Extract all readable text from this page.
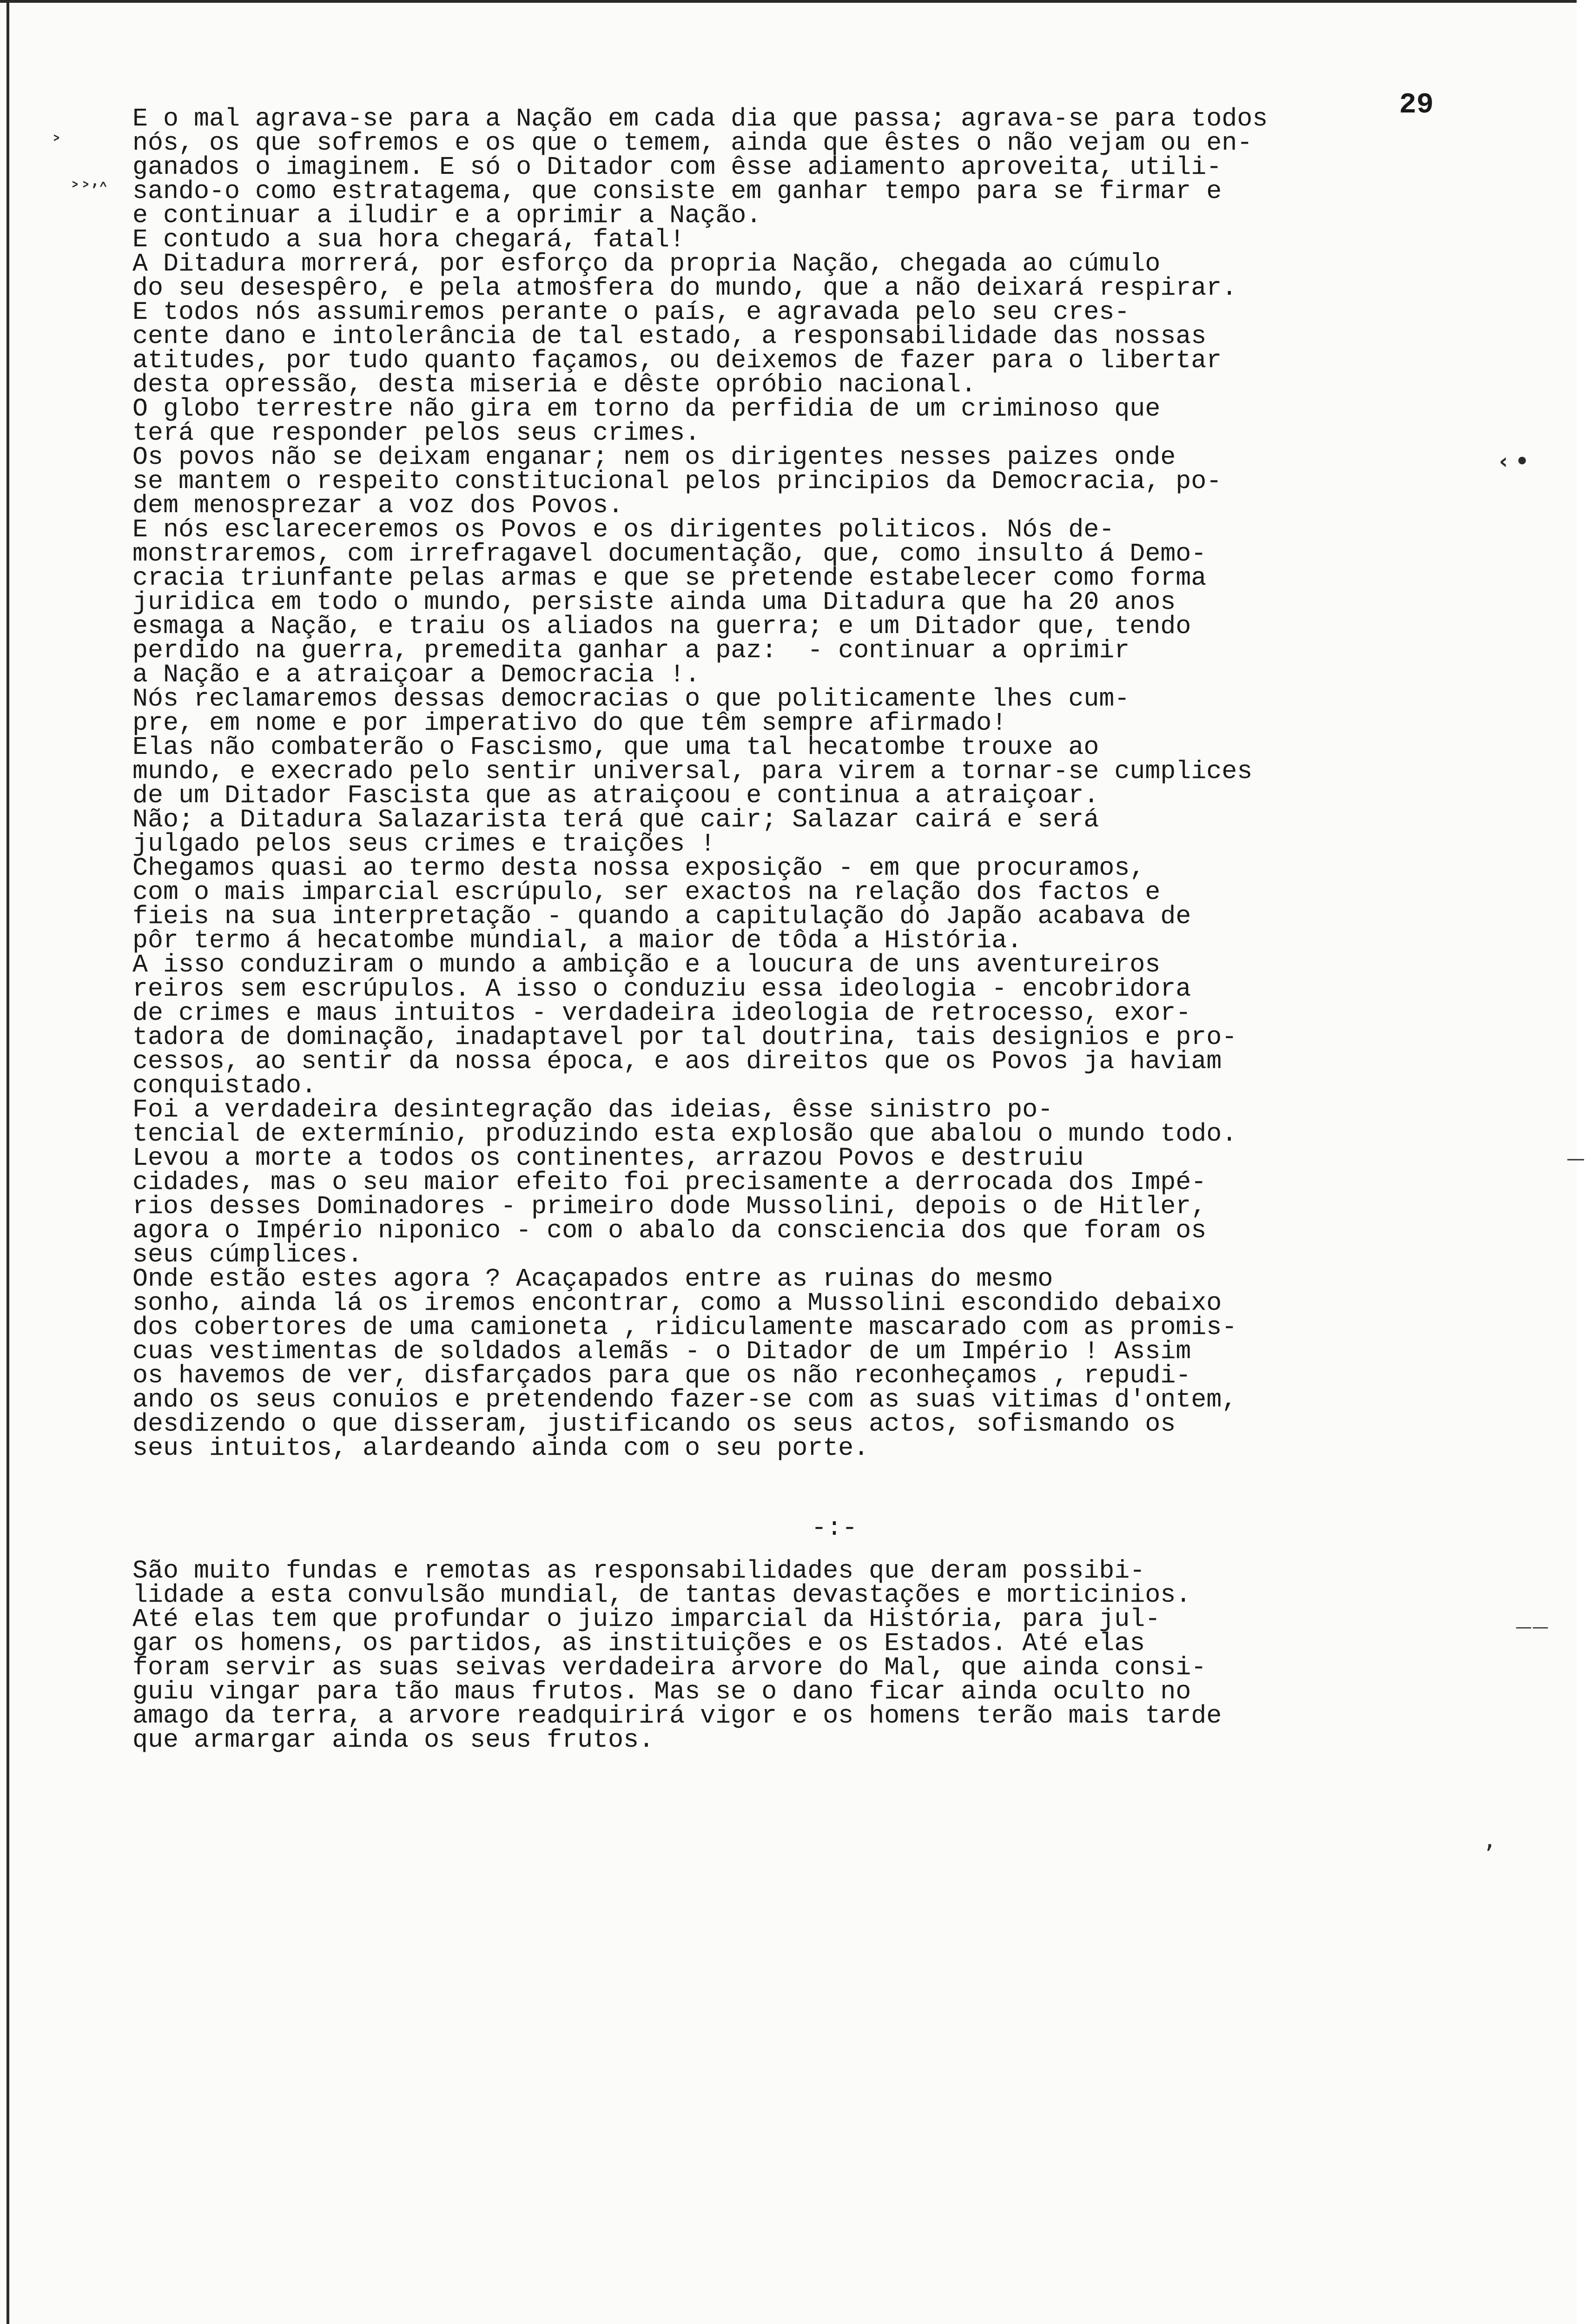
29
˃
˃˃’˄
‹ •
——
,
—
E o mal agrava-se para a Nação em cada dia que passa; agrava-se para todos
nós, os que sofremos e os que o temem, ainda que êstes o não vejam ou en-
ganados o imaginem. E só o Ditador com êsse adiamento aproveita, utili-
sando-o como estratagema, que consiste em ganhar tempo para se firmar e
e continuar a iludir e a oprimir a Nação.
E contudo a sua hora chegará, fatal!
A Ditadura morrerá, por esforço da propria Nação, chegada ao cúmulo
do seu desespêro, e pela atmosfera do mundo, que a não deixará respirar.
E todos nós assumiremos perante o país, e agravada pelo seu cres-
cente dano e intolerância de tal estado, a responsabilidade das nossas
atitudes, por tudo quanto façamos, ou deixemos de fazer para o libertar
desta opressão, desta miseria e dêste opróbio nacional.
O globo terrestre não gira em torno da perfidia de um criminoso que
terá que responder pelos seus crimes.
Os povos não se deixam enganar; nem os dirigentes nesses paizes onde
se mantem o respeito constitucional pelos principios da Democracia, po-
dem menosprezar a voz dos Povos.
E nós esclareceremos os Povos e os dirigentes politicos. Nós de-
monstraremos, com irrefragavel documentação, que, como insulto á Demo-
cracia triunfante pelas armas e que se pretende estabelecer como forma
juridica em todo o mundo, persiste ainda uma Ditadura que ha 20 anos
esmaga a Nação, e traiu os aliados na guerra; e um Ditador que, tendo
perdido na guerra, premedita ganhar a paz:  - continuar a oprimir
a Nação e a atraiçoar a Democracia !.
Nós reclamaremos dessas democracias o que politicamente lhes cum-
pre, em nome e por imperativo do que têm sempre afirmado!
Elas não combaterão o Fascismo, que uma tal hecatombe trouxe ao
mundo, e execrado pelo sentir universal, para virem a tornar-se cumplices
de um Ditador Fascista que as atraiçoou e continua a atraiçoar.
Não; a Ditadura Salazarista terá que cair; Salazar cairá e será
julgado pelos seus crimes e traições !
Chegamos quasi ao termo desta nossa exposição - em que procuramos,
com o mais imparcial escrúpulo, ser exactos na relação dos factos e
fieis na sua interpretação - quando a capitulação do Japão acabava de
pôr termo á hecatombe mundial, a maior de tôda a História.
A isso conduziram o mundo a ambição e a loucura de uns aventureiros
reiros sem escrúpulos. A isso o conduziu essa ideologia - encobridora
de crimes e maus intuitos - verdadeira ideologia de retrocesso, exor-
tadora de dominação, inadaptavel por tal doutrina, tais designios e pro-
cessos, ao sentir da nossa época, e aos direitos que os Povos ja haviam
conquistado.
Foi a verdadeira desintegração das ideias, êsse sinistro po-
tencial de extermínio, produzindo esta explosão que abalou o mundo todo.
Levou a morte a todos os continentes, arrazou Povos e destruiu
cidades, mas o seu maior efeito foi precisamente a derrocada dos Impé-
rios desses Dominadores - primeiro dode Mussolini, depois o de Hitler,
agora o Império niponico - com o abalo da consciencia dos que foram os
seus cúmplices.
Onde estão estes agora ? Acaçapados entre as ruinas do mesmo
sonho, ainda lá os iremos encontrar, como a Mussolini escondido debaixo
dos cobertores de uma camioneta , ridiculamente mascarado com as promis-
cuas vestimentas de soldados alemãs - o Ditador de um Império ! Assim
os havemos de ver, disfarçados para que os não reconheçamos , repudi-
ando os seus conuios e pretendendo fazer-se com as suas vitimas d'ontem,
desdizendo o que disseram, justificando os seus actos, sofismando os
seus intuitos, alardeando ainda com o seu porte.
-:-
São muito fundas e remotas as responsabilidades que deram possibi-
lidade a esta convulsão mundial, de tantas devastações e morticinios.
Até elas tem que profundar o juizo imparcial da História, para jul-
gar os homens, os partidos, as instituições e os Estados. Até elas
foram servir as suas seivas verdadeira arvore do Mal, que ainda consi-
guiu vingar para tão maus frutos. Mas se o dano ficar ainda oculto no
amago da terra, a arvore readquirirá vigor e os homens terão mais tarde
que armargar ainda os seus frutos.
